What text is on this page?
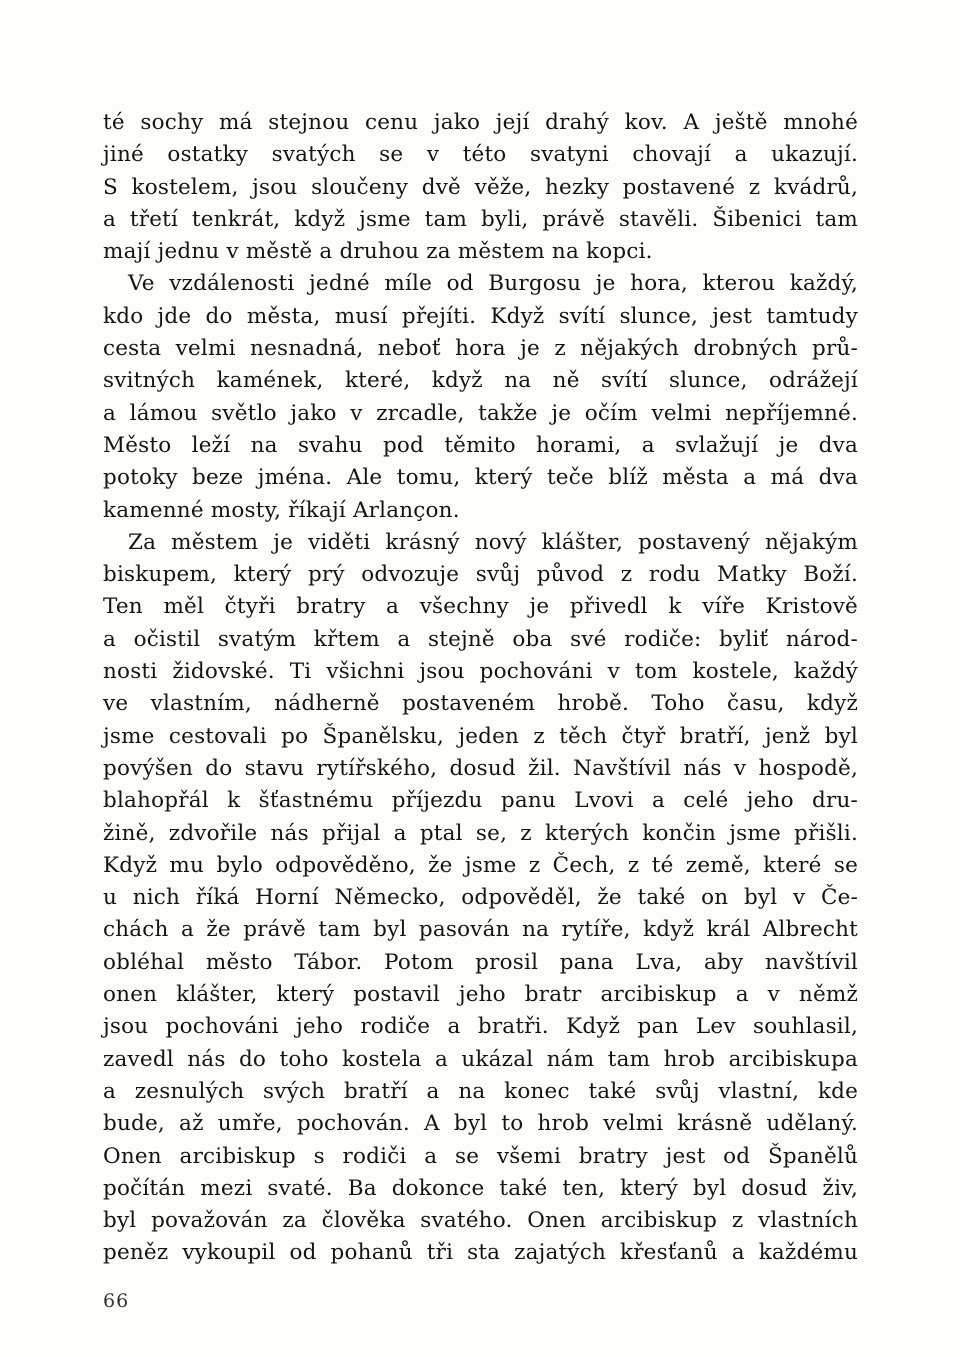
té sochy má stejnou cenu jako její drahý kov. A ještě mnohé
jiné ostatky svatých se v této svatyni chovají a ukazují.
S kostelem, jsou sloučeny dvě věže, hezky postavené z kvádrů,
a třetí tenkrát, když jsme tam byli, právě stavěli. Šibenici tam
mají jednu v městě a druhou za městem na kopci.
Ve vzdálenosti jedné míle od Burgosu je hora, kterou každý,
kdo jde do města, musí přejíti. Když svítí slunce, jest tamtudy
cesta velmi nesnadná, neboť hora je z nějakých drobných prů-
svitných kamének, které, když na ně svítí slunce, odrážejí
a lámou světlo jako v zrcadle, takže je očím velmi nepříjemné.
Město leží na svahu pod těmito horami, a svlažují je dva
potoky beze jména. Ale tomu, který teče blíž města a má dva
kamenné mosty, říkají Arlançon.
Za městem je viděti krásný nový klášter, postavený nějakým
biskupem, který prý odvozuje svůj původ z rodu Matky Boží.
Ten měl čtyři bratry a všechny je přivedl k víře Kristově
a očistil svatým křtem a stejně oba své rodiče: byliť národ-
nosti židovské. Ti všichni jsou pochováni v tom kostele, každý
ve vlastním, nádherně postaveném hrobě. Toho času, když
jsme cestovali po Španělsku, jeden z těch čtyř bratří, jenž byl
povýšen do stavu rytířského, dosud žil. Navštívil nás v hospodě,
blahopřál k šťastnému příjezdu panu Lvovi a celé jeho dru-
žině, zdvořile nás přijal a ptal se, z kterých končin jsme přišli.
Když mu bylo odpověděno, že jsme z Čech, z té země, které se
u nich říká Horní Německo, odpověděl, že také on byl v Če-
chách a že právě tam byl pasován na rytíře, když král Albrecht
obléhal město Tábor. Potom prosil pana Lva, aby navštívil
onen klášter, který postavil jeho bratr arcibiskup a v němž
jsou pochováni jeho rodiče a bratři. Když pan Lev souhlasil,
zavedl nás do toho kostela a ukázal nám tam hrob arcibiskupa
a zesnulých svých bratří a na konec také svůj vlastní, kde
bude, až umře, pochován. A byl to hrob velmi krásně udělaný.
Onen arcibiskup s rodiči a se všemi bratry jest od Španělů
počítán mezi svaté. Ba dokonce také ten, který byl dosud živ,
byl považován za člověka svatého. Onen arcibiskup z vlastních
peněz vykoupil od pohanů tři sta zajatých křesťanů a každému
66
